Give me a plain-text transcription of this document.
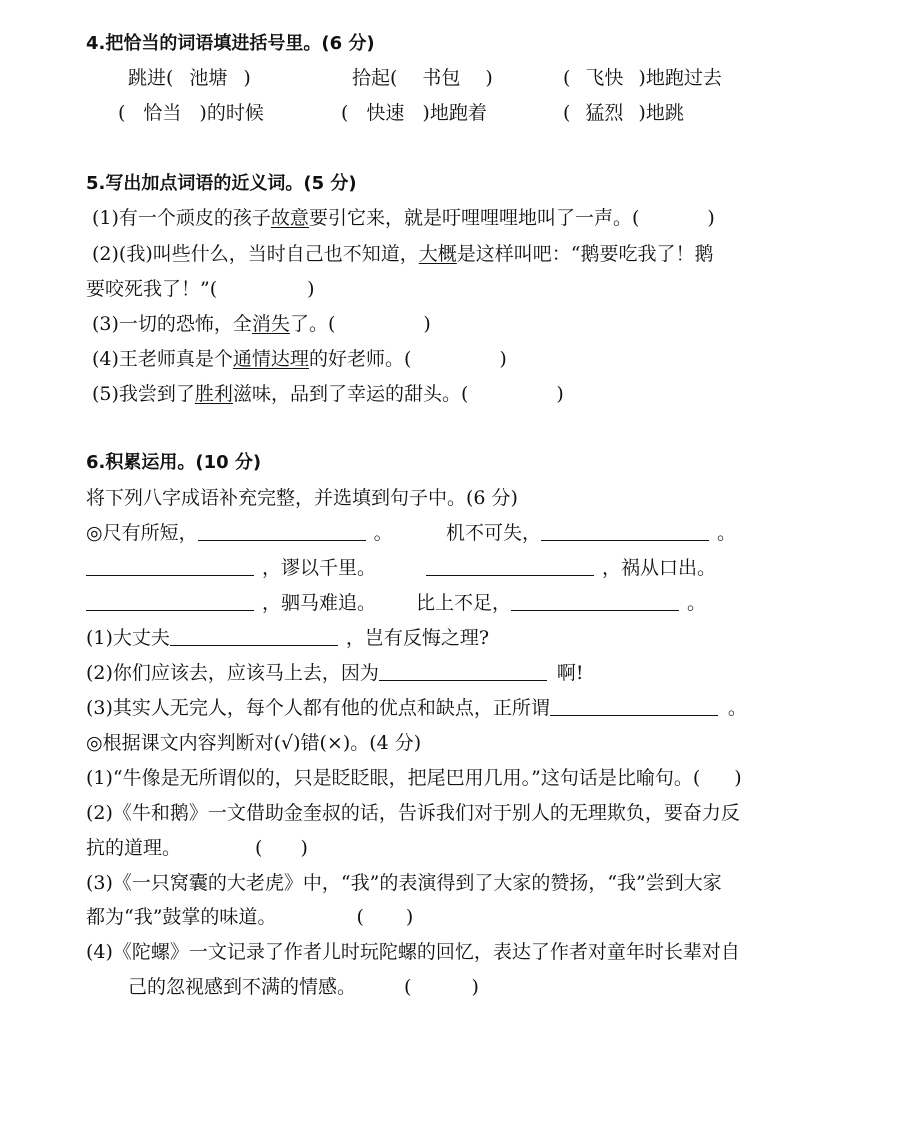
4.把恰当的词语填进括号里。(6 分)
跳进( 池塘 )	拾起( 书包 )	( 飞快 )地跑过去
( 恰当 )的时候	( 快速 )地跑着	( 猛烈 )地跳
5.写出加点词语的近义词。(5 分)
(1)有一个顽皮的孩子故意要引它来，就是吁哩哩哩地叫了一声。(	)
(2)(我)叫些什么，当时自己也不知道，大概是这样叫吧：“鹅要吃我了！鹅
要咬死我了！”(	)
(3)一切的恐怖，全消失了。(	)
(4)王老师真是个通情达理的好老师。(	)
(5)我尝到了胜利滋味，品到了幸运的甜头。(	)
6.积累运用。(10 分)
将下列八字成语补充完整，并选填到句子中。(6 分)
◎尺有所短，	。	机不可失，	。
，谬以千里。	，祸从口出。
，驷马难追。 比上不足，	。
(1)大丈夫	，岂有反悔之理?
(2)你们应该去，应该马上去，因为	啊!
(3)其实人无完人，每个人都有他的优点和缺点，正所谓	。
◎根据课文内容判断对(√)错(×)。(4 分)
(1)“牛像是无所谓似的，只是眨眨眼，把尾巴用几用。”这句话是比喻句。( )
(2)《牛和鹅》一文借助金奎叔的话，告诉我们对于别人的无理欺负，要奋力反
抗的道理。	( )
(3)《一只窝囊的大老虎》中，“我”的表演得到了大家的赞扬，“我”尝到大家
都为“我”鼓掌的味道。	( )
(4)《陀螺》一文记录了作者儿时玩陀螺的回忆，表达了作者对童年时长辈对自
己的忽视感到不满的情感。	(	)
